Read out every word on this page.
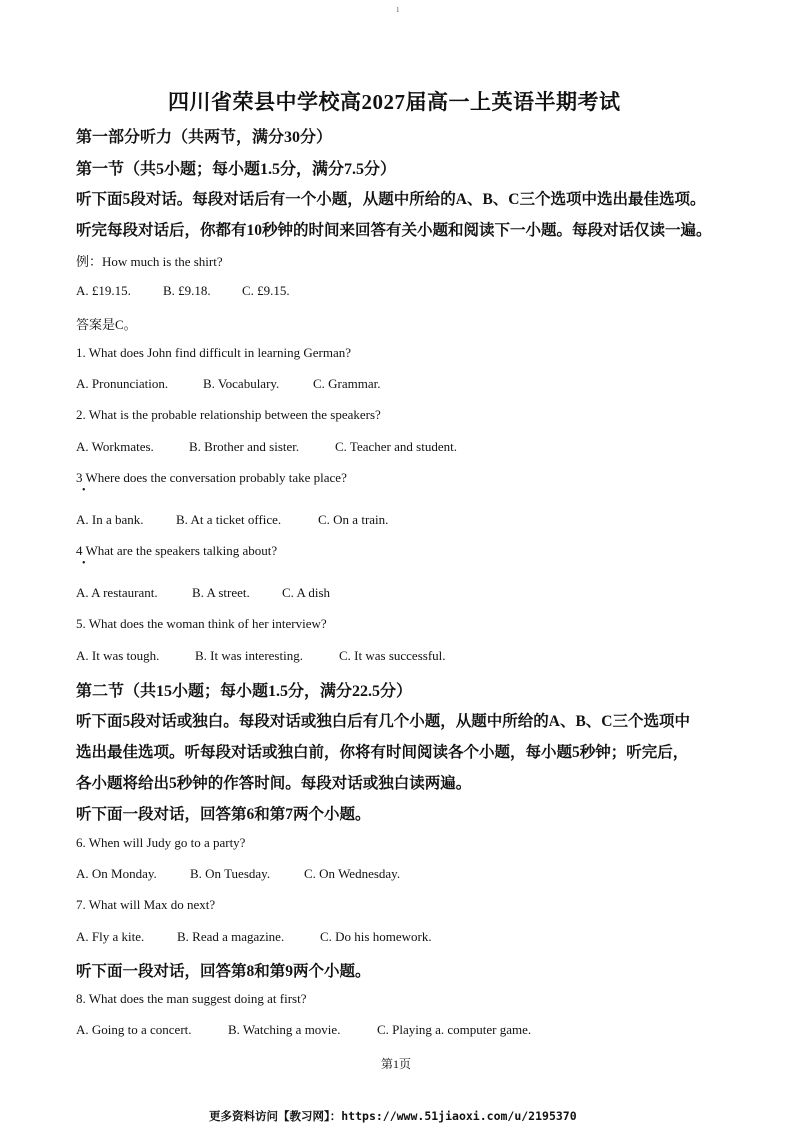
1
四川省荣县中学校高2027届高一上英语半期考试
第一部分听力（共两节，满分30分）
第一节（共5小题；每小题1.5分，满分7.5分）
听下面5段对话。每段对话后有一个小题，从题中所给的A、B、C三个选项中选出最佳选项。
听完每段对话后，你都有10秒钟的时间来回答有关小题和阅读下一小题。每段对话仅读一遍。
例：How much is the shirt?
A. £19.15. B. £9.18. C. £9.15.
答案是C。
1. What does John find difficult in learning German?
A. Pronunciation.	B. Vocabulary.	C. Grammar.
2. What is the probable relationship between the speakers?
A. Workmates.	B. Brother and sister.	C. Teacher and student.
3 Where does the conversation probably take place?
•
A. In a bank. B. At a ticket office.	C. On a train.
4 What are the speakers talking about?
•
A. A restaurant.	B. A street. C. A dish
5. What does the woman think of her interview?
A. It was tough.	B. It was interesting.	C. It was successful.
第二节（共15小题；每小题1.5分，满分22.5分）
听下面5段对话或独白。每段对话或独白后有几个小题，从题中所给的A、B、C三个选项中
选出最佳选项。听每段对话或独白前，你将有时间阅读各个小题，每小题5秒钟；听完后，
各小题将给出5秒钟的作答时间。每段对话或独白读两遍。
听下面一段对话，回答第6和第7两个小题。
6. When will Judy go to a party?
A. On Monday.	B. On Tuesday.	C. On Wednesday.
7. What will Max do next?
A. Fly a kite.	B. Read a magazine.	C. Do his homework.
听下面一段对话，回答第8和第9两个小题。
8. What does the man suggest doing at first?
A. Going to a concert.	B. Watching a movie.	C. Playing a. computer game.
第1页
更多资料访问【教习网】：https://www.51jiaoxi.com/u/2195370
